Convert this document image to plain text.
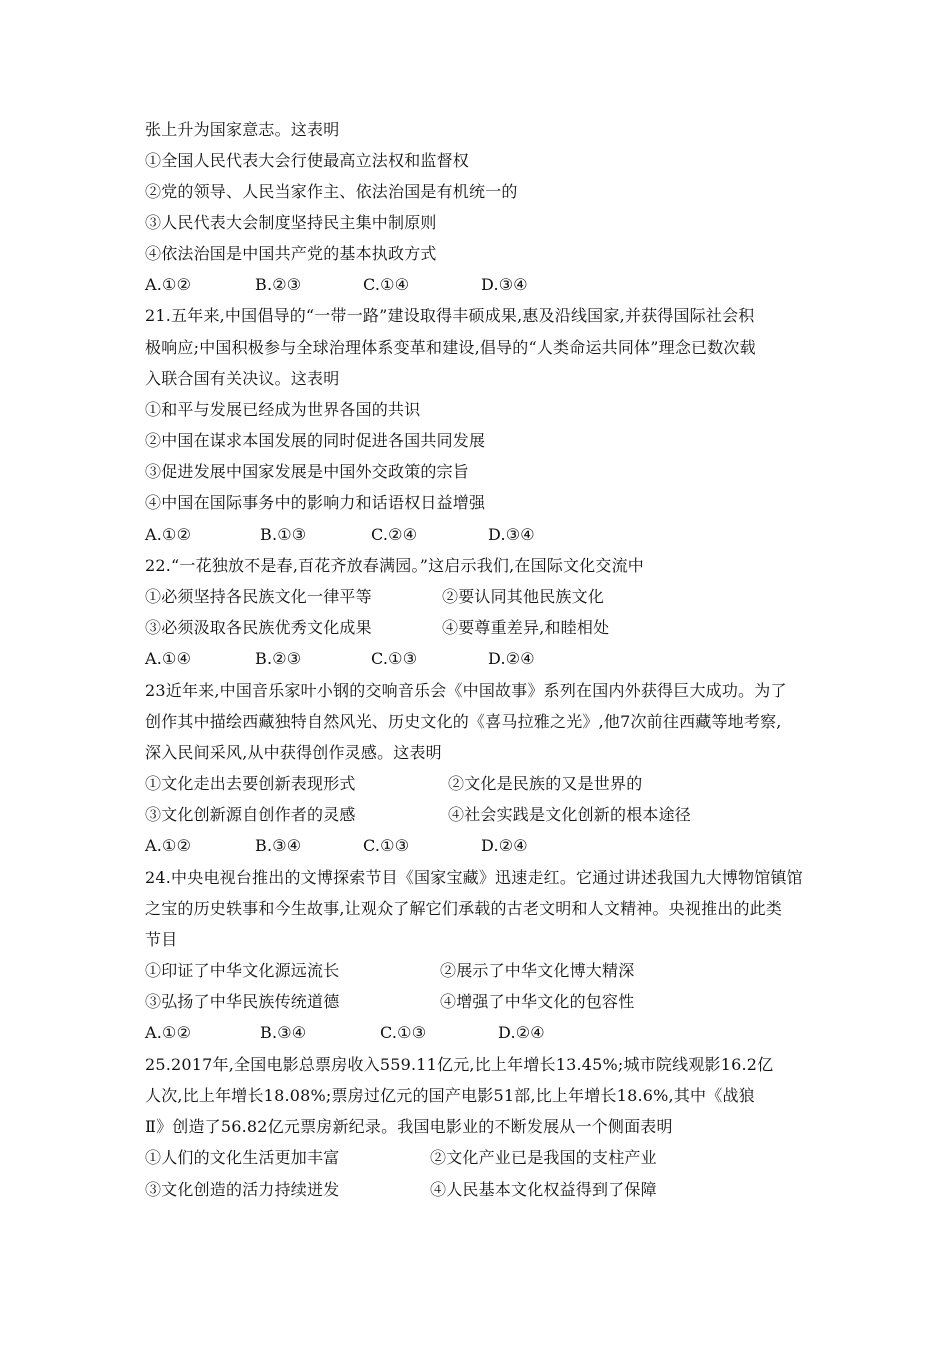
张上升为国家意志。这表明
①全国人民代表大会行使最高立法权和监督权
②党的领导、人民当家作主、依法治国是有机统一的
③人民代表大会制度坚持民主集中制原则
④依法治国是中国共产党的基本执政方式
A.①②	B.②③	C.①④	D.③④
21.五年来,中国倡导的“一带一路”建设取得丰硕成果,惠及沿线国家,并获得国际社会积
极响应;中国积极参与全球治理体系变革和建设,倡导的“人类命运共同体”理念已数次载
入联合国有关决议。这表明
①和平与发展已经成为世界各国的共识
②中国在谋求本国发展的同时促进各国共同发展
③促进发展中国家发展是中国外交政策的宗旨
④中国在国际事务中的影响力和话语权日益增强
A.①②	B.①③	C.②④	D.③④
22.“一花独放不是春,百花齐放春满园。”这启示我们,在国际文化交流中
①必须坚持各民族文化一律平等	②要认同其他民族文化
③必须汲取各民族优秀文化成果	④要尊重差异,和睦相处
A.①④	B.②③	C.①③	D.②④
23近年来,中国音乐家叶小钢的交响音乐会《中国故事》系列在国内外获得巨大成功。为了
创作其中描绘西藏独特自然风光、历史文化的《喜马拉雅之光》,他7次前往西藏等地考察,
深入民间采风,从中获得创作灵感。这表明
①文化走出去要创新表现形式	②文化是民族的又是世界的
③文化创新源自创作者的灵感	④社会实践是文化创新的根本途径
A.①②	B.③④	C.①③	D.②④
24.中央电视台推出的文博探索节目《国家宝藏》迅速走红。它通过讲述我国九大博物馆镇馆
之宝的历史轶事和今生故事,让观众了解它们承载的古老文明和人文精神。央视推出的此类
节目
①印证了中华文化源远流长	②展示了中华文化博大精深
③弘扬了中华民族传统道德	④增强了中华文化的包容性
A.①②	B.③④	C.①③	D.②④
25.2017年,全国电影总票房收入559.11亿元,比上年增长13.45%;城市院线观影16.2亿
人次,比上年增长18.08%;票房过亿元的国产电影51部,比上年增长18.6%,其中《战狼
Ⅱ》创造了56.82亿元票房新纪录。我国电影业的不断发展从一个侧面表明
①人们的文化生活更加丰富	②文化产业已是我国的支柱产业
③文化创造的活力持续迸发	④人民基本文化权益得到了保障
